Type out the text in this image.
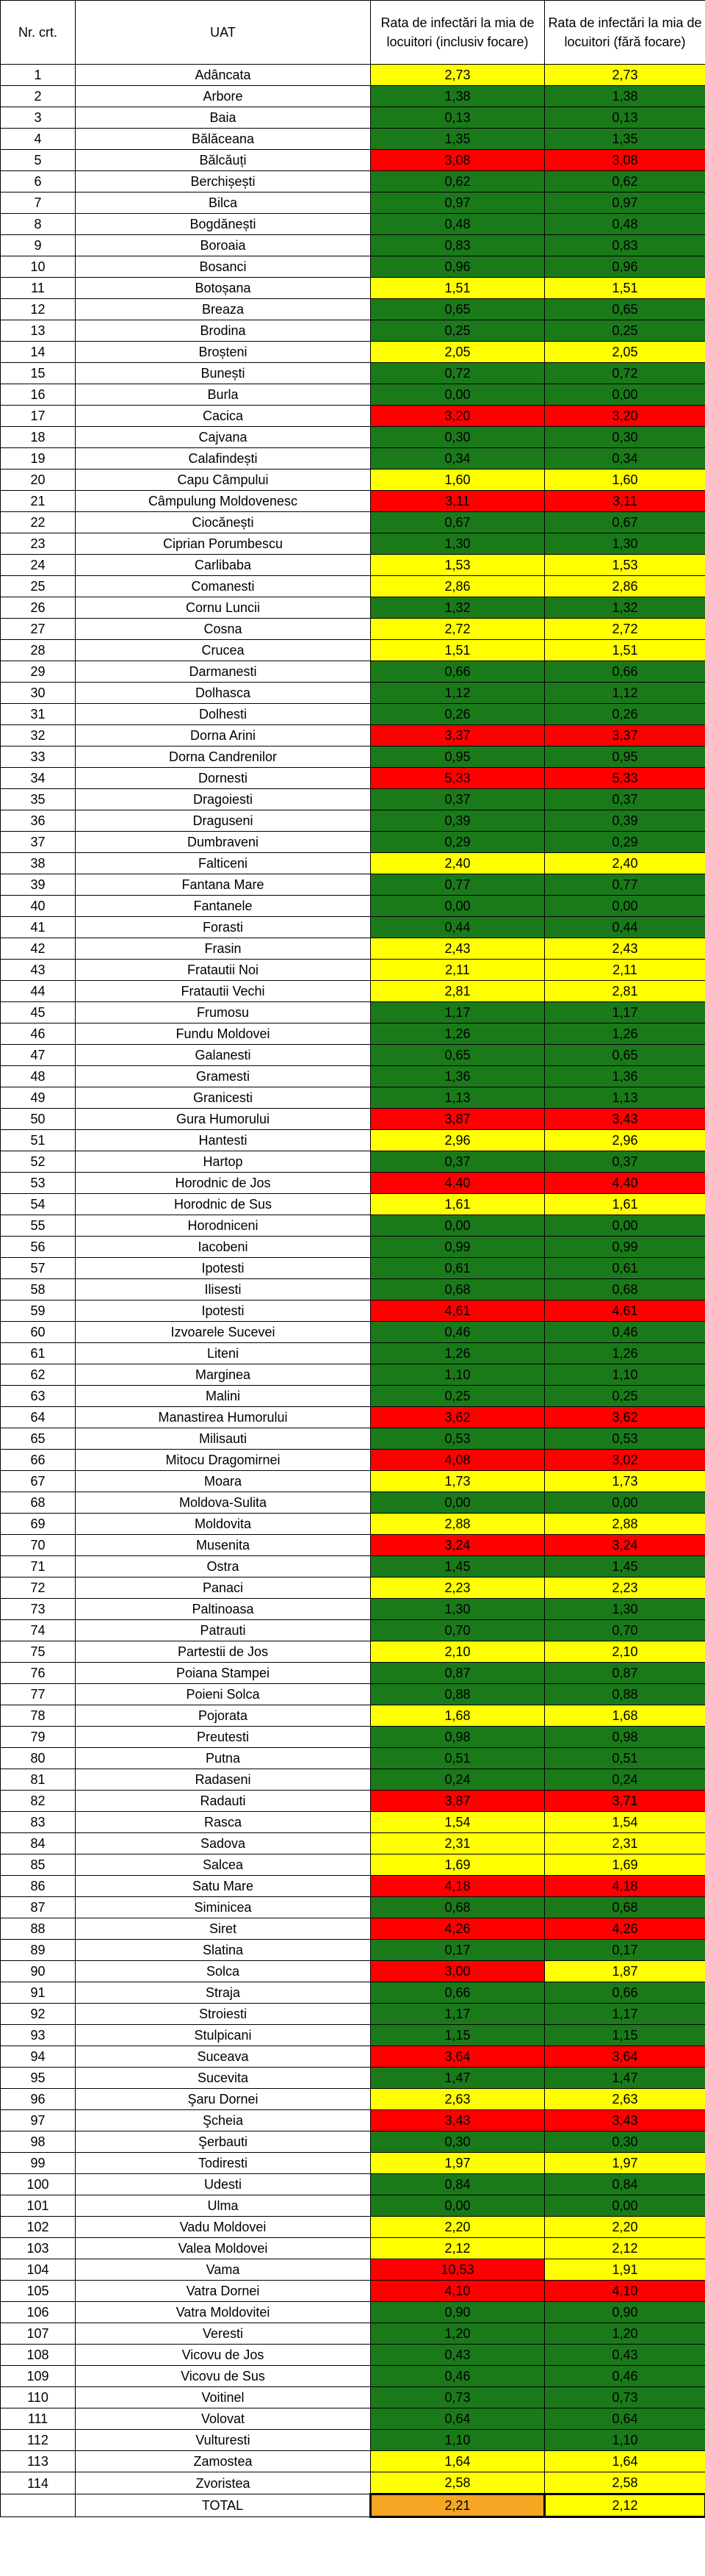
Nr. crt.	UAT	Rata de infectări la mia de locuitori (inclusiv focare)	Rata de infectări la mia de locuitori (fără focare)
1	Adâncata	2,73	2,73
2	Arbore	1,38	1,38
3	Baia	0,13	0,13
4	Bălăceana	1,35	1,35
5	Bălcăuți	3,08	3,08
6	Berchișești	0,62	0,62
7	Bilca	0,97	0,97
8	Bogdănești	0,48	0,48
9	Boroaia	0,83	0,83
10	Bosanci	0,96	0,96
11	Botoșana	1,51	1,51
12	Breaza	0,65	0,65
13	Brodina	0,25	0,25
14	Broșteni	2,05	2,05
15	Bunești	0,72	0,72
16	Burla	0,00	0,00
17	Cacica	3,20	3,20
18	Cajvana	0,30	0,30
19	Calafindești	0,34	0,34
20	Capu Câmpului	1,60	1,60
21	Câmpulung Moldovenesc	3,11	3,11
22	Ciocănești	0,67	0,67
23	Ciprian Porumbescu	1,30	1,30
24	Carlibaba	1,53	1,53
25	Comanesti	2,86	2,86
26	Cornu Luncii	1,32	1,32
27	Cosna	2,72	2,72
28	Crucea	1,51	1,51
29	Darmanesti	0,66	0,66
30	Dolhasca	1,12	1,12
31	Dolhesti	0,26	0,26
32	Dorna Arini	3,37	3,37
33	Dorna Candrenilor	0,95	0,95
34	Dornesti	5,33	5,33
35	Dragoiesti	0,37	0,37
36	Draguseni	0,39	0,39
37	Dumbraveni	0,29	0,29
38	Falticeni	2,40	2,40
39	Fantana Mare	0,77	0,77
40	Fantanele	0,00	0,00
41	Forasti	0,44	0,44
42	Frasin	2,43	2,43
43	Fratautii Noi	2,11	2,11
44	Fratautii Vechi	2,81	2,81
45	Frumosu	1,17	1,17
46	Fundu Moldovei	1,26	1,26
47	Galanesti	0,65	0,65
48	Gramesti	1,36	1,36
49	Granicesti	1,13	1,13
50	Gura Humorului	3,87	3,43
51	Hantesti	2,96	2,96
52	Hartop	0,37	0,37
53	Horodnic de Jos	4,40	4,40
54	Horodnic de Sus	1,61	1,61
55	Horodniceni	0,00	0,00
56	Iacobeni	0,99	0,99
57	Ipotesti	0,61	0,61
58	Ilisesti	0,68	0,68
59	Ipotesti	4,61	4,61
60	Izvoarele Sucevei	0,46	0,46
61	Liteni	1,26	1,26
62	Marginea	1,10	1,10
63	Malini	0,25	0,25
64	Manastirea Humorului	3,62	3,62
65	Milisauti	0,53	0,53
66	Mitocu Dragomirnei	4,08	3,02
67	Moara	1,73	1,73
68	Moldova-Sulita	0,00	0,00
69	Moldovita	2,88	2,88
70	Musenita	3,24	3,24
71	Ostra	1,45	1,45
72	Panaci	2,23	2,23
73	Paltinoasa	1,30	1,30
74	Patrauti	0,70	0,70
75	Partestii de Jos	2,10	2,10
76	Poiana Stampei	0,87	0,87
77	Poieni Solca	0,88	0,88
78	Pojorata	1,68	1,68
79	Preutesti	0,98	0,98
80	Putna	0,51	0,51
81	Radaseni	0,24	0,24
82	Radauti	3,87	3,71
83	Rasca	1,54	1,54
84	Sadova	2,31	2,31
85	Salcea	1,69	1,69
86	Satu Mare	4,18	4,18
87	Siminicea	0,68	0,68
88	Siret	4,26	4,26
89	Slatina	0,17	0,17
90	Solca	3,00	1,87
91	Straja	0,66	0,66
92	Stroiesti	1,17	1,17
93	Stulpicani	1,15	1,15
94	Suceava	3,64	3,64
95	Sucevita	1,47	1,47
96	Şaru Dornei	2,63	2,63
97	Şcheia	3,43	3,43
98	Şerbauti	0,30	0,30
99	Todiresti	1,97	1,97
100	Udesti	0,84	0,84
101	Ulma	0,00	0,00
102	Vadu Moldovei	2,20	2,20
103	Valea Moldovei	2,12	2,12
104	Vama	10,53	1,91
105	Vatra Dornei	4,10	4,10
106	Vatra Moldovitei	0,90	0,90
107	Veresti	1,20	1,20
108	Vicovu de Jos	0,43	0,43
109	Vicovu de Sus	0,46	0,46
110	Voitinel	0,73	0,73
111	Volovat	0,64	0,64
112	Vulturesti	1,10	1,10
113	Zamostea	1,64	1,64
114	Zvoristea	2,58	2,58
	TOTAL	2,21	2,12
